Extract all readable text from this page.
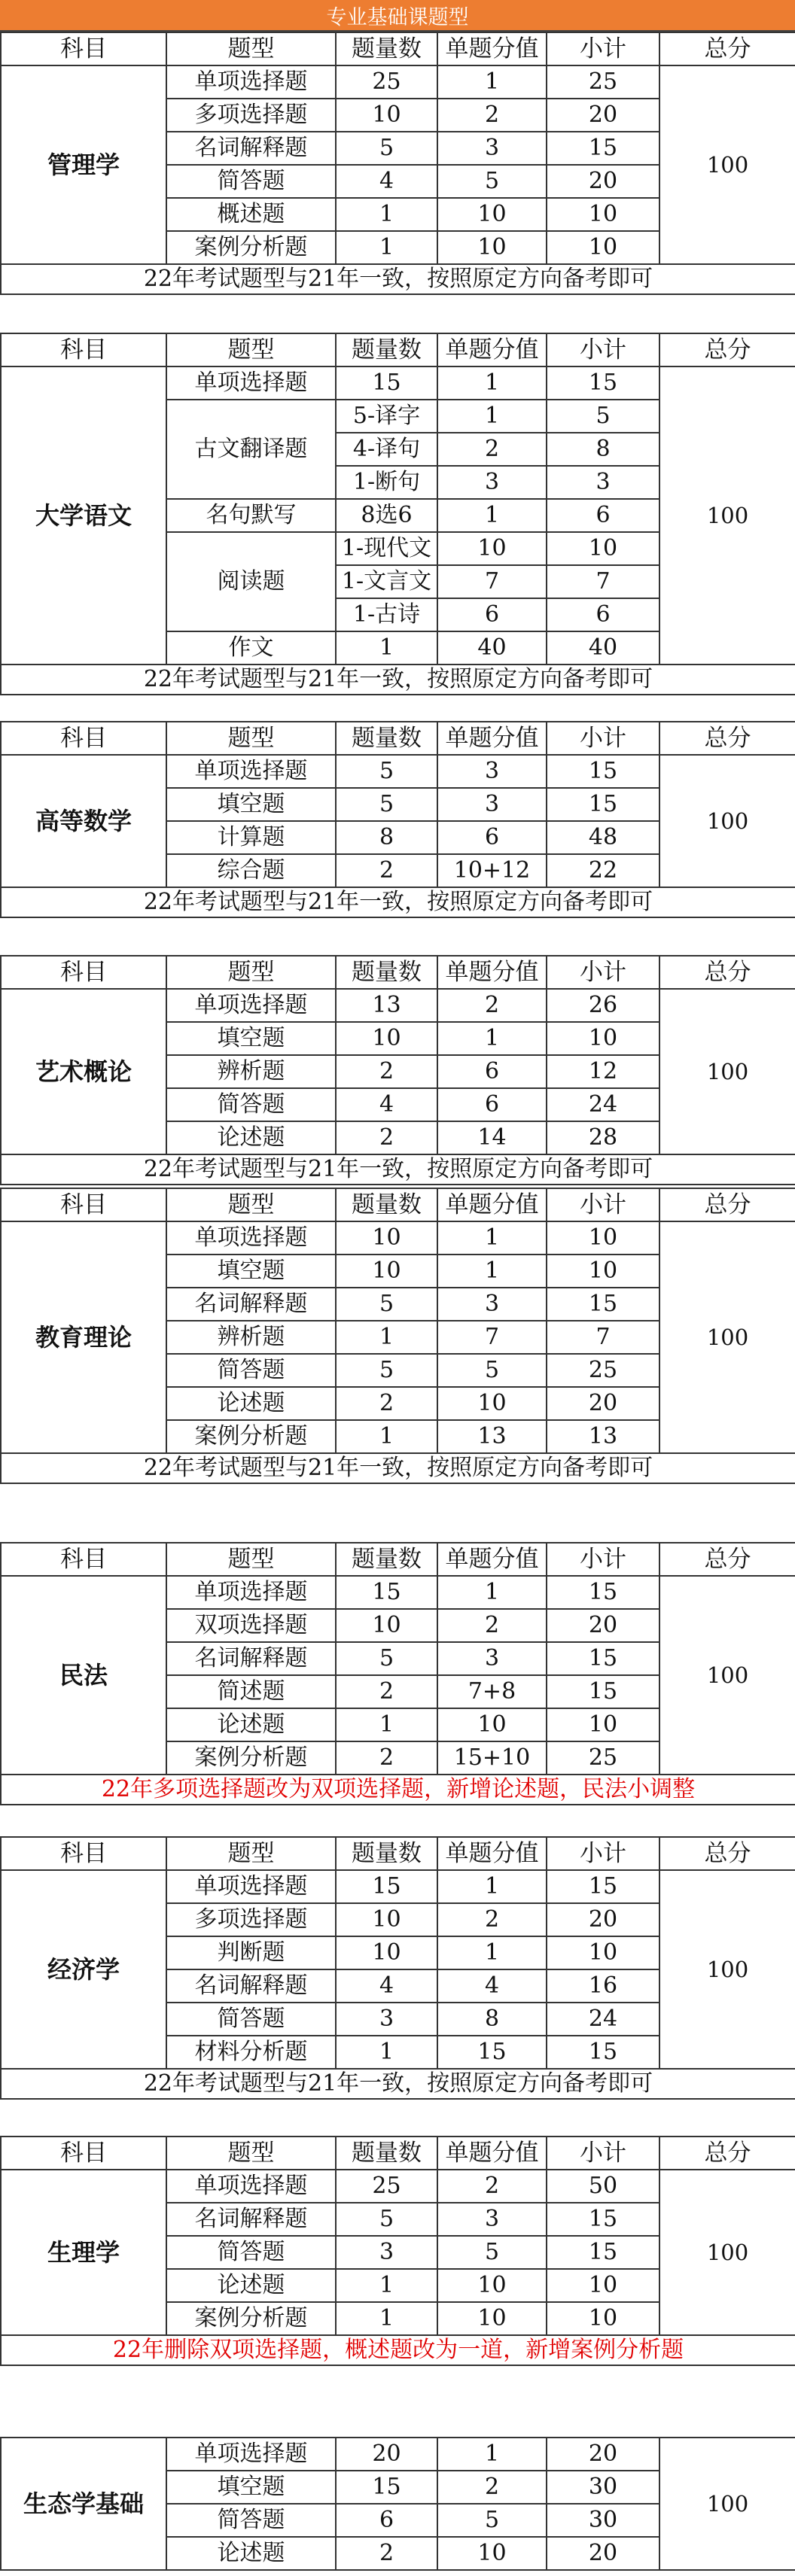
专业基础课题型
科目	题型	题量数	单题分值	小计	总分
管理学	单项选择题	25	1	25	100
	多项选择题	10	2	20	
	名词解释题	5	3	15	
	简答题	4	5	20	
	概述题	1	10	10	
	案例分析题	1	10	10	
22年考试题型与21年一致，按照原定方向备考即可					
科目	题型	题量数	单题分值	小计	总分
大学语文	单项选择题	15	1	15	100
	古文翻译题	5-译字	1	5	
		4-译句	2	8	
		1-断句	3	3	
	名句默写	8选6	1	6	
	阅读题	1-现代文	10	10	
		1-文言文	7	7	
		1-古诗	6	6	
	作文	1	40	40	
22年考试题型与21年一致，按照原定方向备考即可					
科目	题型	题量数	单题分值	小计	总分
高等数学	单项选择题	5	3	15	100
	填空题	5	3	15	
	计算题	8	6	48	
	综合题	2	10+12	22	
22年考试题型与21年一致，按照原定方向备考即可					
科目	题型	题量数	单题分值	小计	总分
艺术概论	单项选择题	13	2	26	100
	填空题	10	1	10	
	辨析题	2	6	12	
	简答题	4	6	24	
	论述题	2	14	28	
22年考试题型与21年一致，按照原定方向备考即可					
科目	题型	题量数	单题分值	小计	总分
教育理论	单项选择题	10	1	10	100
	填空题	10	1	10	
	名词解释题	5	3	15	
	辨析题	1	7	7	
	简答题	5	5	25	
	论述题	2	10	20	
	案例分析题	1	13	13	
22年考试题型与21年一致，按照原定方向备考即可					
科目	题型	题量数	单题分值	小计	总分
民法	单项选择题	15	1	15	100
	双项选择题	10	2	20	
	名词解释题	5	3	15	
	简述题	2	7+8	15	
	论述题	1	10	10	
	案例分析题	2	15+10	25	
22年多项选择题改为双项选择题，新增论述题，民法小调整					
科目	题型	题量数	单题分值	小计	总分
经济学	单项选择题	15	1	15	100
	多项选择题	10	2	20	
	判断题	10	1	10	
	名词解释题	4	4	16	
	简答题	3	8	24	
	材料分析题	1	15	15	
22年考试题型与21年一致，按照原定方向备考即可					
科目	题型	题量数	单题分值	小计	总分
生理学	单项选择题	25	2	50	100
	名词解释题	5	3	15	
	简答题	3	5	15	
	论述题	1	10	10	
	案例分析题	1	10	10	
22年删除双项选择题，概述题改为一道，新增案例分析题					
生态学基础	单项选择题	20	1	20	100
	填空题	15	2	30	
	简答题	6	5	30	
	论述题	2	10	20	
